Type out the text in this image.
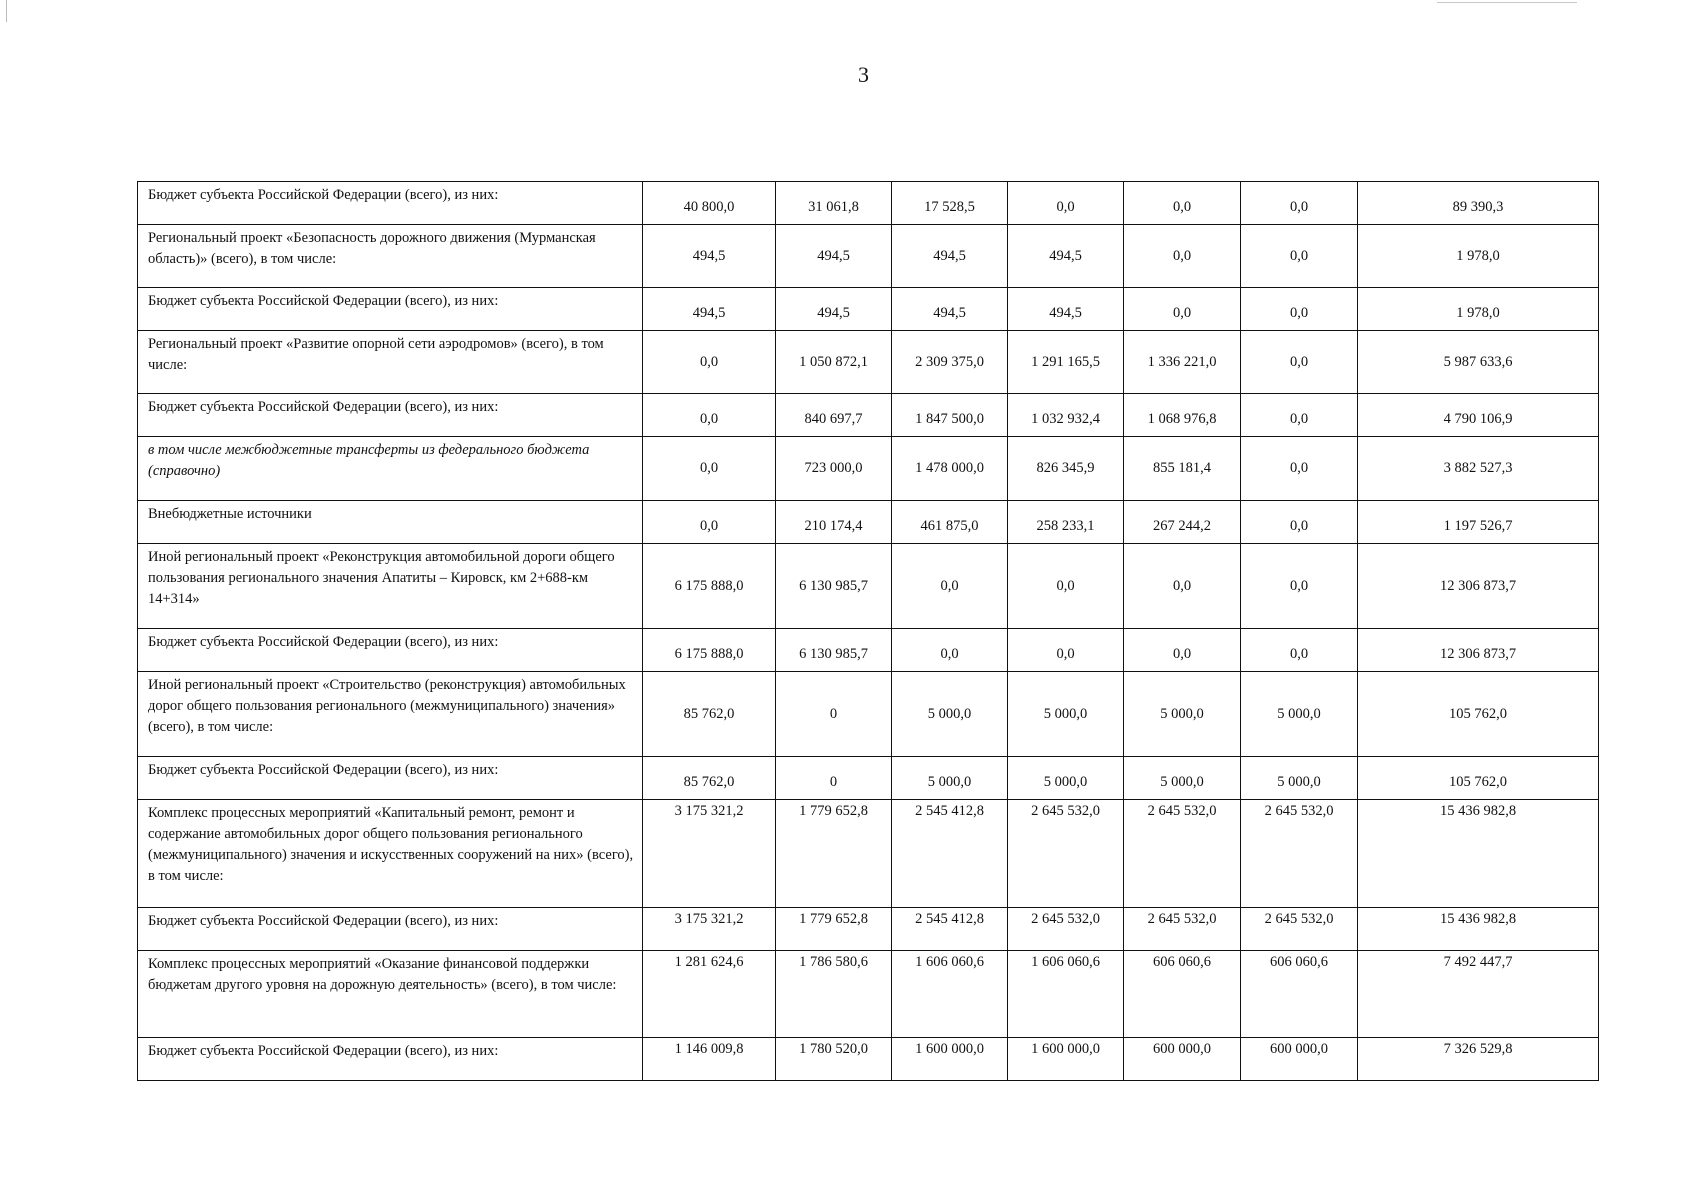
3
Бюджет субъекта Российской Федерации (всего), из них:	40 800,0	31 061,8	17 528,5	0,0	0,0	0,0	89 390,3
Региональный проект «Безопасность дорожного движения (Мурманская область)» (всего), в том числе:	494,5	494,5	494,5	494,5	0,0	0,0	1 978,0
Бюджет субъекта Российской Федерации (всего), из них:	494,5	494,5	494,5	494,5	0,0	0,0	1 978,0
Региональный проект «Развитие опорной сети аэродромов» (всего), в том числе:	0,0	1 050 872,1	2 309 375,0	1 291 165,5	1 336 221,0	0,0	5 987 633,6
Бюджет субъекта Российской Федерации (всего), из них:	0,0	840 697,7	1 847 500,0	1 032 932,4	1 068 976,8	0,0	4 790 106,9
в том числе межбюджетные трансферты из федерального бюджета (справочно)	0,0	723 000,0	1 478 000,0	826 345,9	855 181,4	0,0	3 882 527,3
Внебюджетные источники	0,0	210 174,4	461 875,0	258 233,1	267 244,2	0,0	1 197 526,7
Иной региональный проект «Реконструкция автомобильной дороги общего пользования регионального значения Апатиты – Кировск, км 2+688-км 14+314»	6 175 888,0	6 130 985,7	0,0	0,0	0,0	0,0	12 306 873,7
Бюджет субъекта Российской Федерации (всего), из них:	6 175 888,0	6 130 985,7	0,0	0,0	0,0	0,0	12 306 873,7
Иной региональный проект «Строительство (реконструкция) автомобильных дорог общего пользования регионального (межмуниципального) значения» (всего), в том числе:	85 762,0	0	5 000,0	5 000,0	5 000,0	5 000,0	105 762,0
Бюджет субъекта Российской Федерации (всего), из них:	85 762,0	0	5 000,0	5 000,0	5 000,0	5 000,0	105 762,0
Комплекс процессных мероприятий «Капитальный ремонт, ремонт и содержание автомобильных дорог общего пользования регионального (межмуниципального) значения и искусственных сооружений на них» (всего), в том числе:	3 175 321,2	1 779 652,8	2 545 412,8	2 645 532,0	2 645 532,0	2 645 532,0	15 436 982,8
Бюджет субъекта Российской Федерации (всего), из них:	3 175 321,2	1 779 652,8	2 545 412,8	2 645 532,0	2 645 532,0	2 645 532,0	15 436 982,8
Комплекс процессных мероприятий «Оказание финансовой поддержки бюджетам другого уровня на дорожную деятельность» (всего), в том числе:	1 281 624,6	1 786 580,6	1 606 060,6	1 606 060,6	606 060,6	606 060,6	7 492 447,7
Бюджет субъекта Российской Федерации (всего), из них:	1 146 009,8	1 780 520,0	1 600 000,0	1 600 000,0	600 000,0	600 000,0	7 326 529,8
